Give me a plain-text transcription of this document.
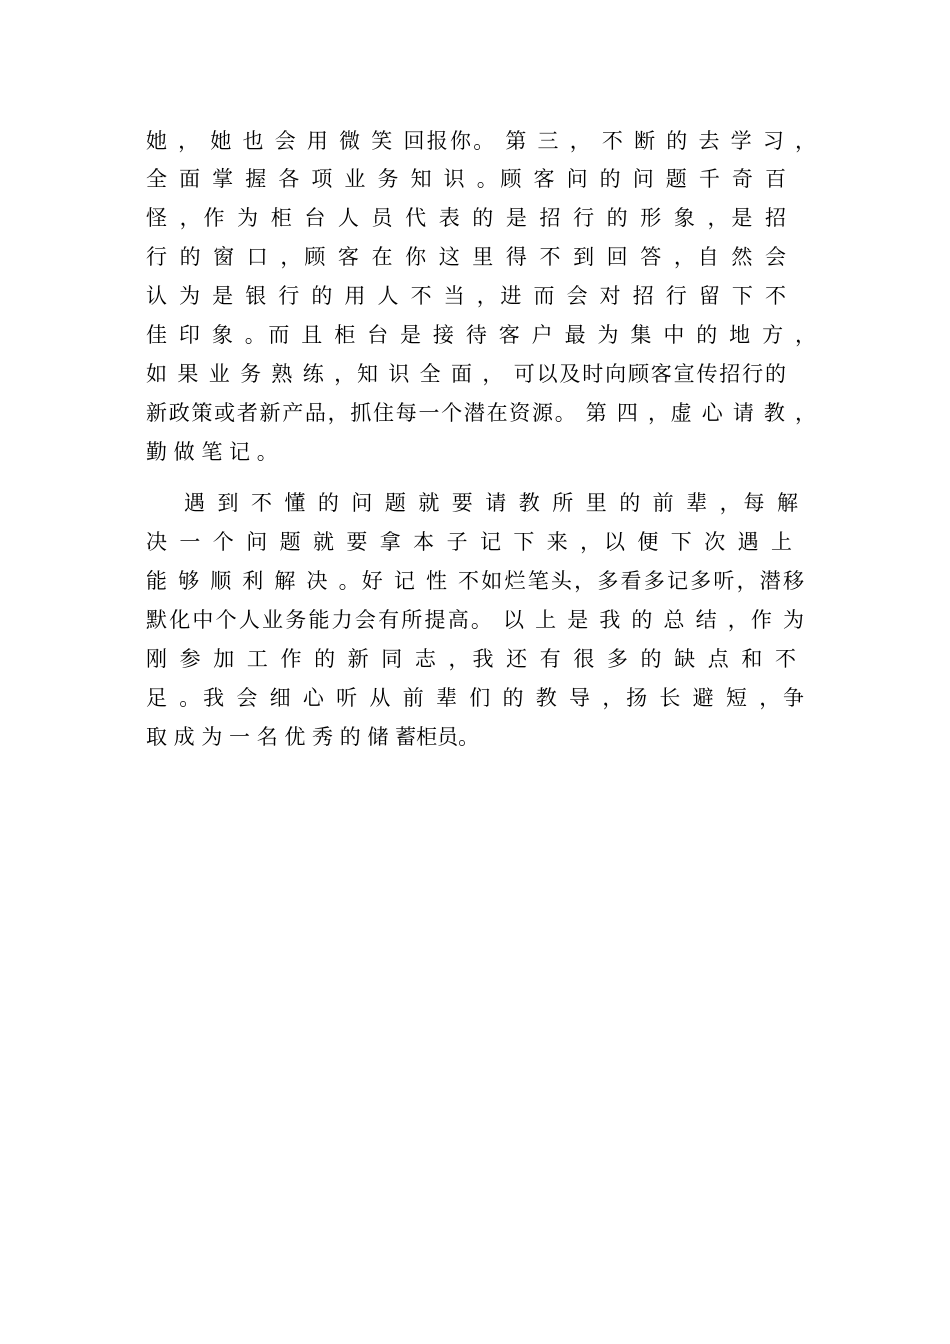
她 ， 她 也 会 用 微 笑 回报你。 第 三 ， 不 断 的 去 学 习 ，
全 面 掌 握 各 项 业 务 知 识 。顾 客 问 的 问 题 千 奇 百
怪 ，作 为 柜 台 人 员 代 表 的 是 招 行 的 形 象 ，是 招
行 的 窗 口 ，顾 客 在 你 这 里 得 不 到 回 答 ，自 然 会
认 为 是 银 行 的 用 人 不 当 ，进 而 会 对 招 行 留 下 不
佳 印 象 。而 且 柜 台 是 接 待 客 户 最 为 集 中 的 地 方 ，
如 果 业 务 熟 练 ，知 识 全 面 ， 可以及时向顾客宣传招行的
新政策或者新产品，抓住每一个潜在资源。 第 四 ，虚 心 请 教 ，
勤 做 笔 记 。
遇 到 不 懂 的 问 题 就 要 请 教 所 里 的 前 辈 ，每 解
决 一 个 问 题 就 要 拿 本 子 记 下 来 ，以 便 下 次 遇 上
能 够 顺 利 解 决 。好 记 性 不如烂笔头，多看多记多听，潜移
默化中个人业务能力会有所提高。 以 上 是 我 的 总 结 ，作 为
刚 参 加 工 作 的 新 同 志 ，我 还 有 很 多 的 缺 点 和 不
足 。我 会 细 心 听 从 前 辈 们 的 教 导 ，扬 长 避 短 ，争
取 成 为 一 名 优 秀 的 储 蓄柜员。
